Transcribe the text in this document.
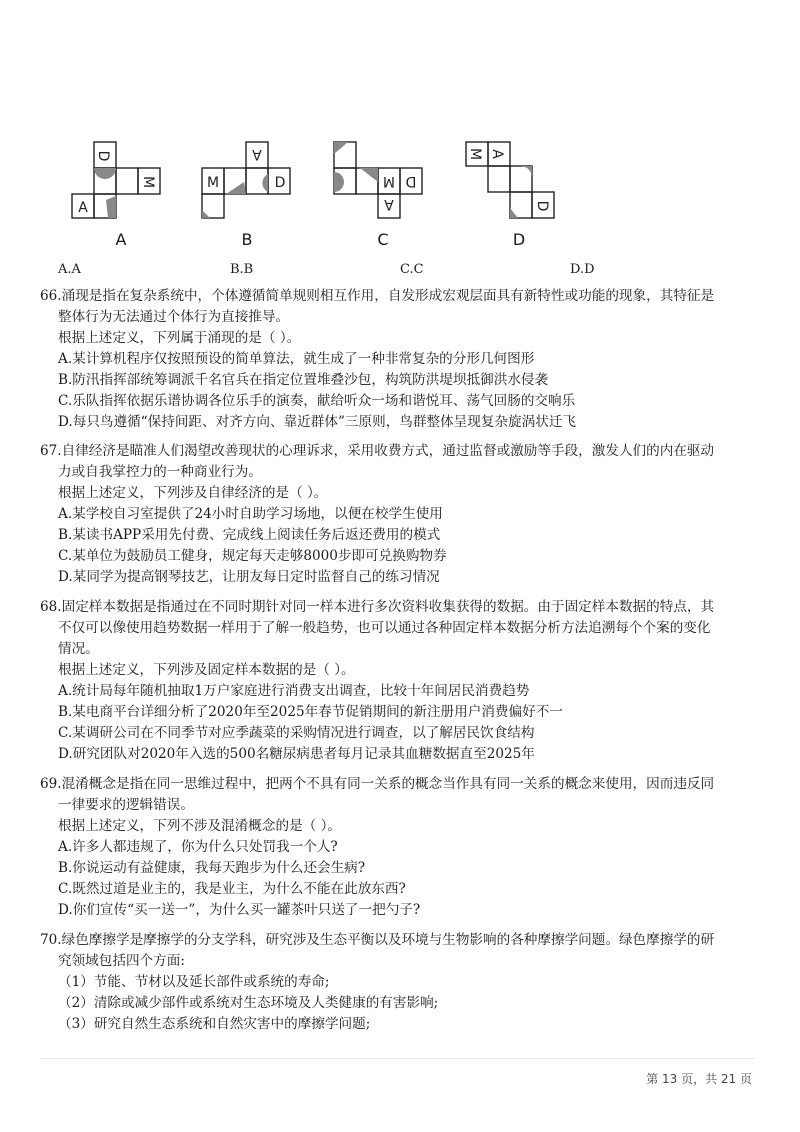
D
M
A
A
A
M	D
B
M D
A
C
M A
D
D
A.A	B.B	C.C	D.D

66.涌现是指在复杂系统中，个体遵循简单规则相互作用，自发形成宏观层面具有新特性或功能的现象，其特征是

整体行为无法通过个体行为直接推导。

根据上述定义，下列属于涌现的是（ ）。

A.某计算机程序仅按照预设的简单算法，就生成了一种非常复杂的分形几何图形

B.防汛指挥部统筹调派千名官兵在指定位置堆叠沙包，构筑防洪堤坝抵御洪水侵袭

C.乐队指挥依据乐谱协调各位乐手的演奏，献给听众一场和谐悦耳、荡气回肠的交响乐

D.每只鸟遵循“保持间距、对齐方向、靠近群体”三原则，鸟群整体呈现复杂旋涡状迁飞

67.自律经济是瞄准人们渴望改善现状的心理诉求，采用收费方式，通过监督或激励等手段，激发人们的内在驱动

力或自我掌控力的一种商业行为。

根据上述定义，下列涉及自律经济的是（ ）。

A.某学校自习室提供了24小时自助学习场地，以便在校学生使用

B.某读书APP采用先付费、完成线上阅读任务后返还费用的模式

C.某单位为鼓励员工健身，规定每天走够8000步即可兑换购物券

D.某同学为提高钢琴技艺，让朋友每日定时监督自己的练习情况

68.固定样本数据是指通过在不同时期针对同一样本进行多次资料收集获得的数据。由于固定样本数据的特点，其

不仅可以像使用趋势数据一样用于了解一般趋势，也可以通过各种固定样本数据分析方法追溯每个个案的变化

情况。

根据上述定义，下列涉及固定样本数据的是（ ）。

A.统计局每年随机抽取1万户家庭进行消费支出调查，比较十年间居民消费趋势

B.某电商平台详细分析了2020年至2025年春节促销期间的新注册用户消费偏好不一

C.某调研公司在不同季节对应季蔬菜的采购情况进行调查，以了解居民饮食结构

D.研究团队对2020年入选的500名糖尿病患者每月记录其血糖数据直至2025年

69.混淆概念是指在同一思维过程中，把两个不具有同一关系的概念当作具有同一关系的概念来使用，因而违反同

一律要求的逻辑错误。

根据上述定义，下列不涉及混淆概念的是（ ）。

A.许多人都违规了，你为什么只处罚我一个人?

B.你说运动有益健康，我每天跑步为什么还会生病?

C.既然过道是业主的，我是业主，为什么不能在此放东西?

D.你们宣传“买一送一”，为什么买一罐茶叶只送了一把勺子?

70.绿色摩擦学是摩擦学的分支学科，研究涉及生态平衡以及环境与生物影响的各种摩擦学问题。绿色摩擦学的研

究领域包括四个方面:

（1）节能、节材以及延长部件或系统的寿命;

（2）清除或减少部件或系统对生态环境及人类健康的有害影响;

（3）研究自然生态系统和自然灾害中的摩擦学问题;

第 13 页，共 21 页
